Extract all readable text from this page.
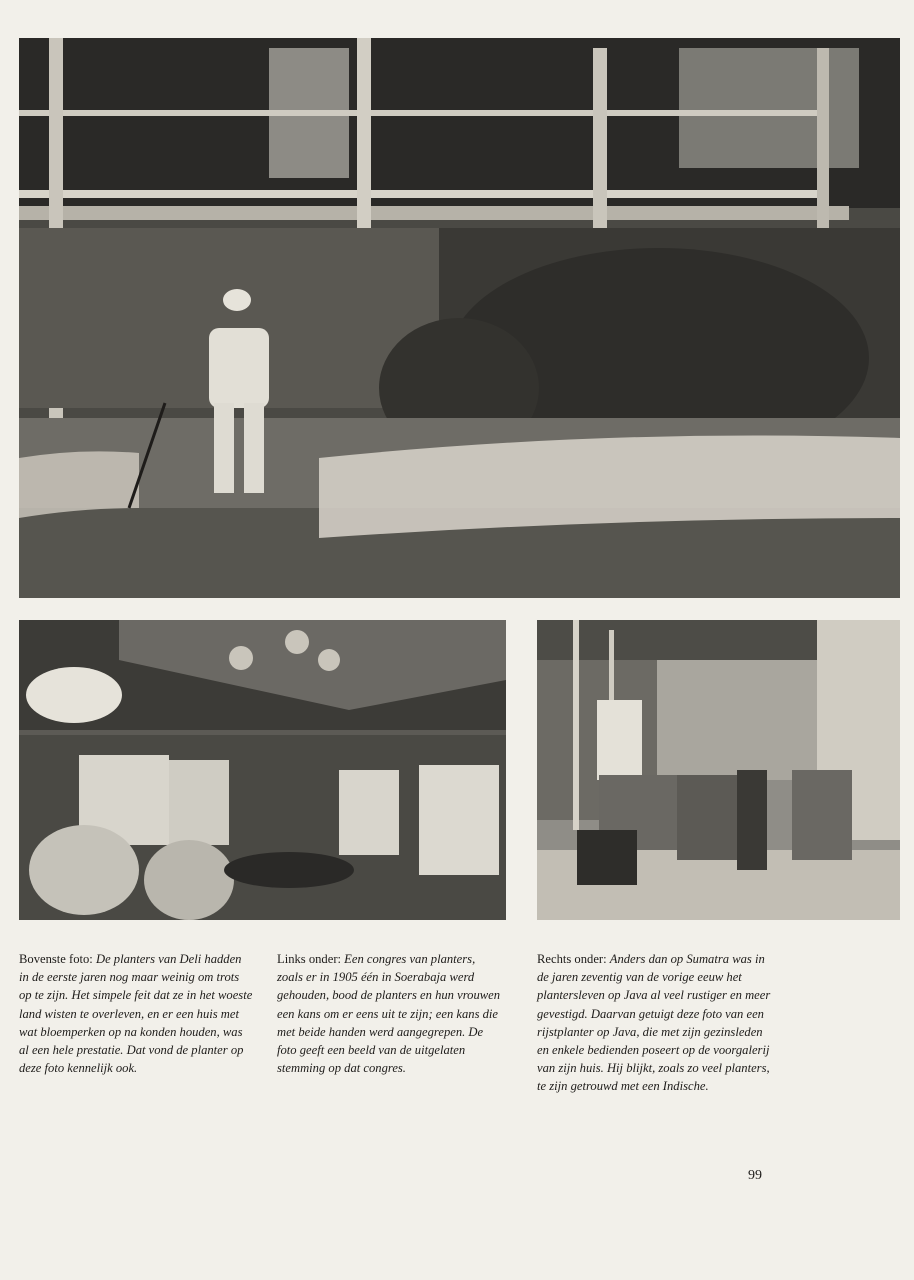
Bovenste foto: De planters van Deli hadden in de eerste jaren nog maar weinig om trots op te zijn. Het simpele feit dat ze in het woeste land wisten te overleven, en er een huis met wat bloemperken op na konden houden, was al een hele prestatie. Dat vond de planter op deze foto kennelijk ook.
Links onder: Een congres van planters, zoals er in 1905 één in Soerabaja werd gehouden, bood de planters en hun vrouwen een kans om er eens uit te zijn; een kans die met beide handen werd aangegrepen. De foto geeft een beeld van de uitgelaten stemming op dat congres.
Rechts onder: Anders dan op Sumatra was in de jaren zeventig van de vorige eeuw het plantersleven op Java al veel rustiger en meer gevestigd. Daarvan getuigt deze foto van een rijstplanter op Java, die met zijn gezinsleden en enkele bedienden poseert op de voorgalerij van zijn huis. Hij blijkt, zoals zo veel planters, te zijn getrouwd met een Indische.
99
